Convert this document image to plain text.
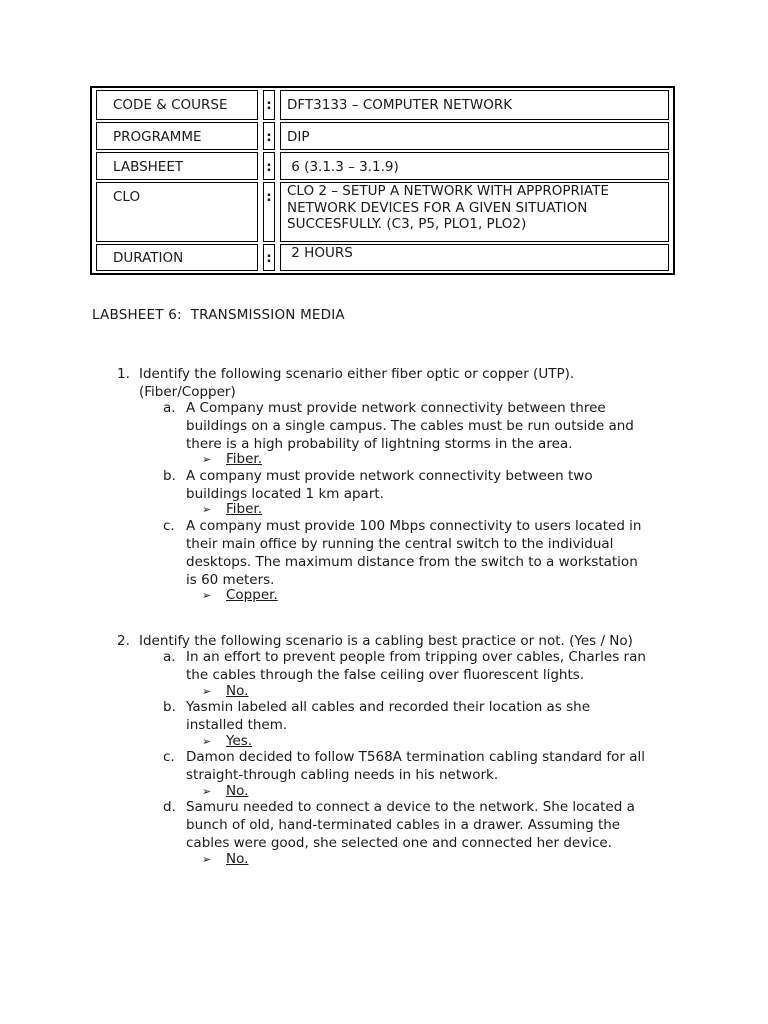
CODE & COURSE	:	DFT3133 – COMPUTER NETWORK
PROGRAMME	:	DIP
LABSHEET	:	6 (3.1.3 – 3.1.9)
CLO	: CLO 2 – SETUP A NETWORK WITH APPROPRIATE
NETWORK DEVICES FOR A GIVEN SITUATION
SUCCESFULLY. (C3, P5, PLO1, PLO2)
DURATION	:	2 HOURS
LABSHEET 6:  TRANSMISSION MEDIA
1. Identify the following scenario either fiber optic or copper (UTP).
(Fiber/Copper)
a. A Company must provide network connectivity between three
buildings on a single campus. The cables must be run outside and
there is a high probability of lightning storms in the area.
➢ Fiber.
b. A company must provide network connectivity between two
buildings located 1 km apart.
➢ Fiber.
c. A company must provide 100 Mbps connectivity to users located in
their main office by running the central switch to the individual
desktops. The maximum distance from the switch to a workstation
is 60 meters.
➢ Copper.
2. Identify the following scenario is a cabling best practice or not. (Yes / No)
a. In an effort to prevent people from tripping over cables, Charles ran
the cables through the false ceiling over fluorescent lights.
➢ No.
b. Yasmin labeled all cables and recorded their location as she
installed them.
➢ Yes.
c. Damon decided to follow T568A termination cabling standard for all
straight-through cabling needs in his network.
➢ No.
d. Samuru needed to connect a device to the network. She located a
bunch of old, hand-terminated cables in a drawer. Assuming the
cables were good, she selected one and connected her device.
➢ No.
